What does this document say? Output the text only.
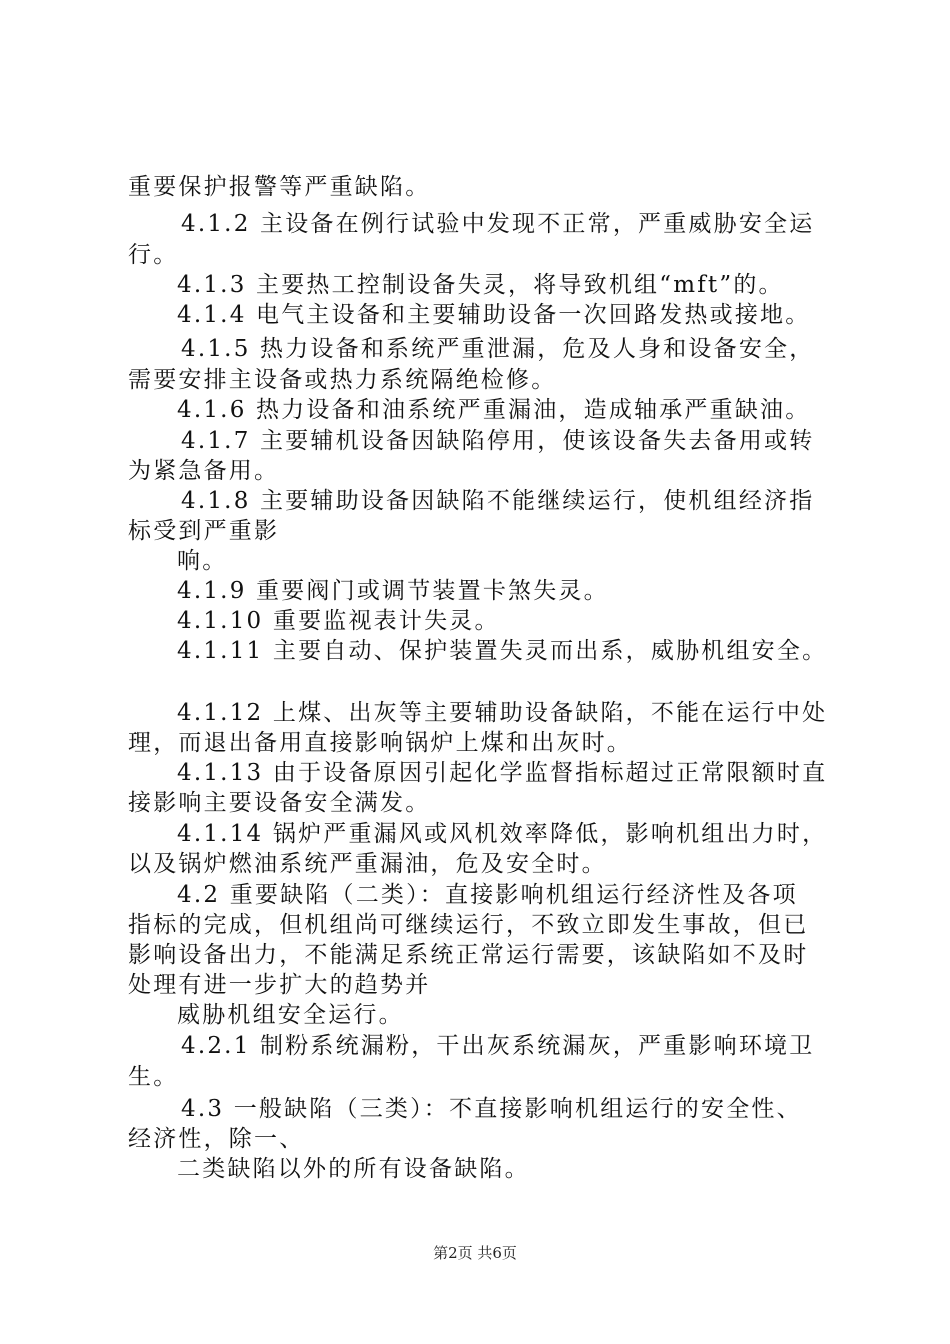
重要保护报警等严重缺陷。
4.1.2 主设备在例行试验中发现不正常，严重威胁安全运
行。
4.1.3 主要热工控制设备失灵，将导致机组“mft”的。
4.1.4 电气主设备和主要辅助设备一次回路发热或接地。
4.1.5 热力设备和系统严重泄漏，危及人身和设备安全，
需要安排主设备或热力系统隔绝检修。
4.1.6 热力设备和油系统严重漏油，造成轴承严重缺油。
4.1.7 主要辅机设备因缺陷停用，使该设备失去备用或转
为紧急备用。
4.1.8 主要辅助设备因缺陷不能继续运行，使机组经济指
标受到严重影
响。
4.1.9 重要阀门或调节装置卡煞失灵。
4.1.10 重要监视表计失灵。
4.1.11 主要自动、保护装置失灵而出系，威胁机组安全。
4.1.12 上煤、出灰等主要辅助设备缺陷，不能在运行中处
理，而退出备用直接影响锅炉上煤和出灰时。
4.1.13 由于设备原因引起化学监督指标超过正常限额时直
接影响主要设备安全满发。
4.1.14 锅炉严重漏风或风机效率降低，影响机组出力时，
以及锅炉燃油系统严重漏油，危及安全时。
4.2 重要缺陷（二类）：直接影响机组运行经济性及各项
指标的完成，但机组尚可继续运行，不致立即发生事故，但已
影响设备出力，不能满足系统正常运行需要，该缺陷如不及时
处理有进一步扩大的趋势并
威胁机组安全运行。
4.2.1 制粉系统漏粉，干出灰系统漏灰，严重影响环境卫
生。
4.3 一般缺陷（三类）：不直接影响机组运行的安全性、
经济性，除一、
二类缺陷以外的所有设备缺陷。
第2页 共6页
